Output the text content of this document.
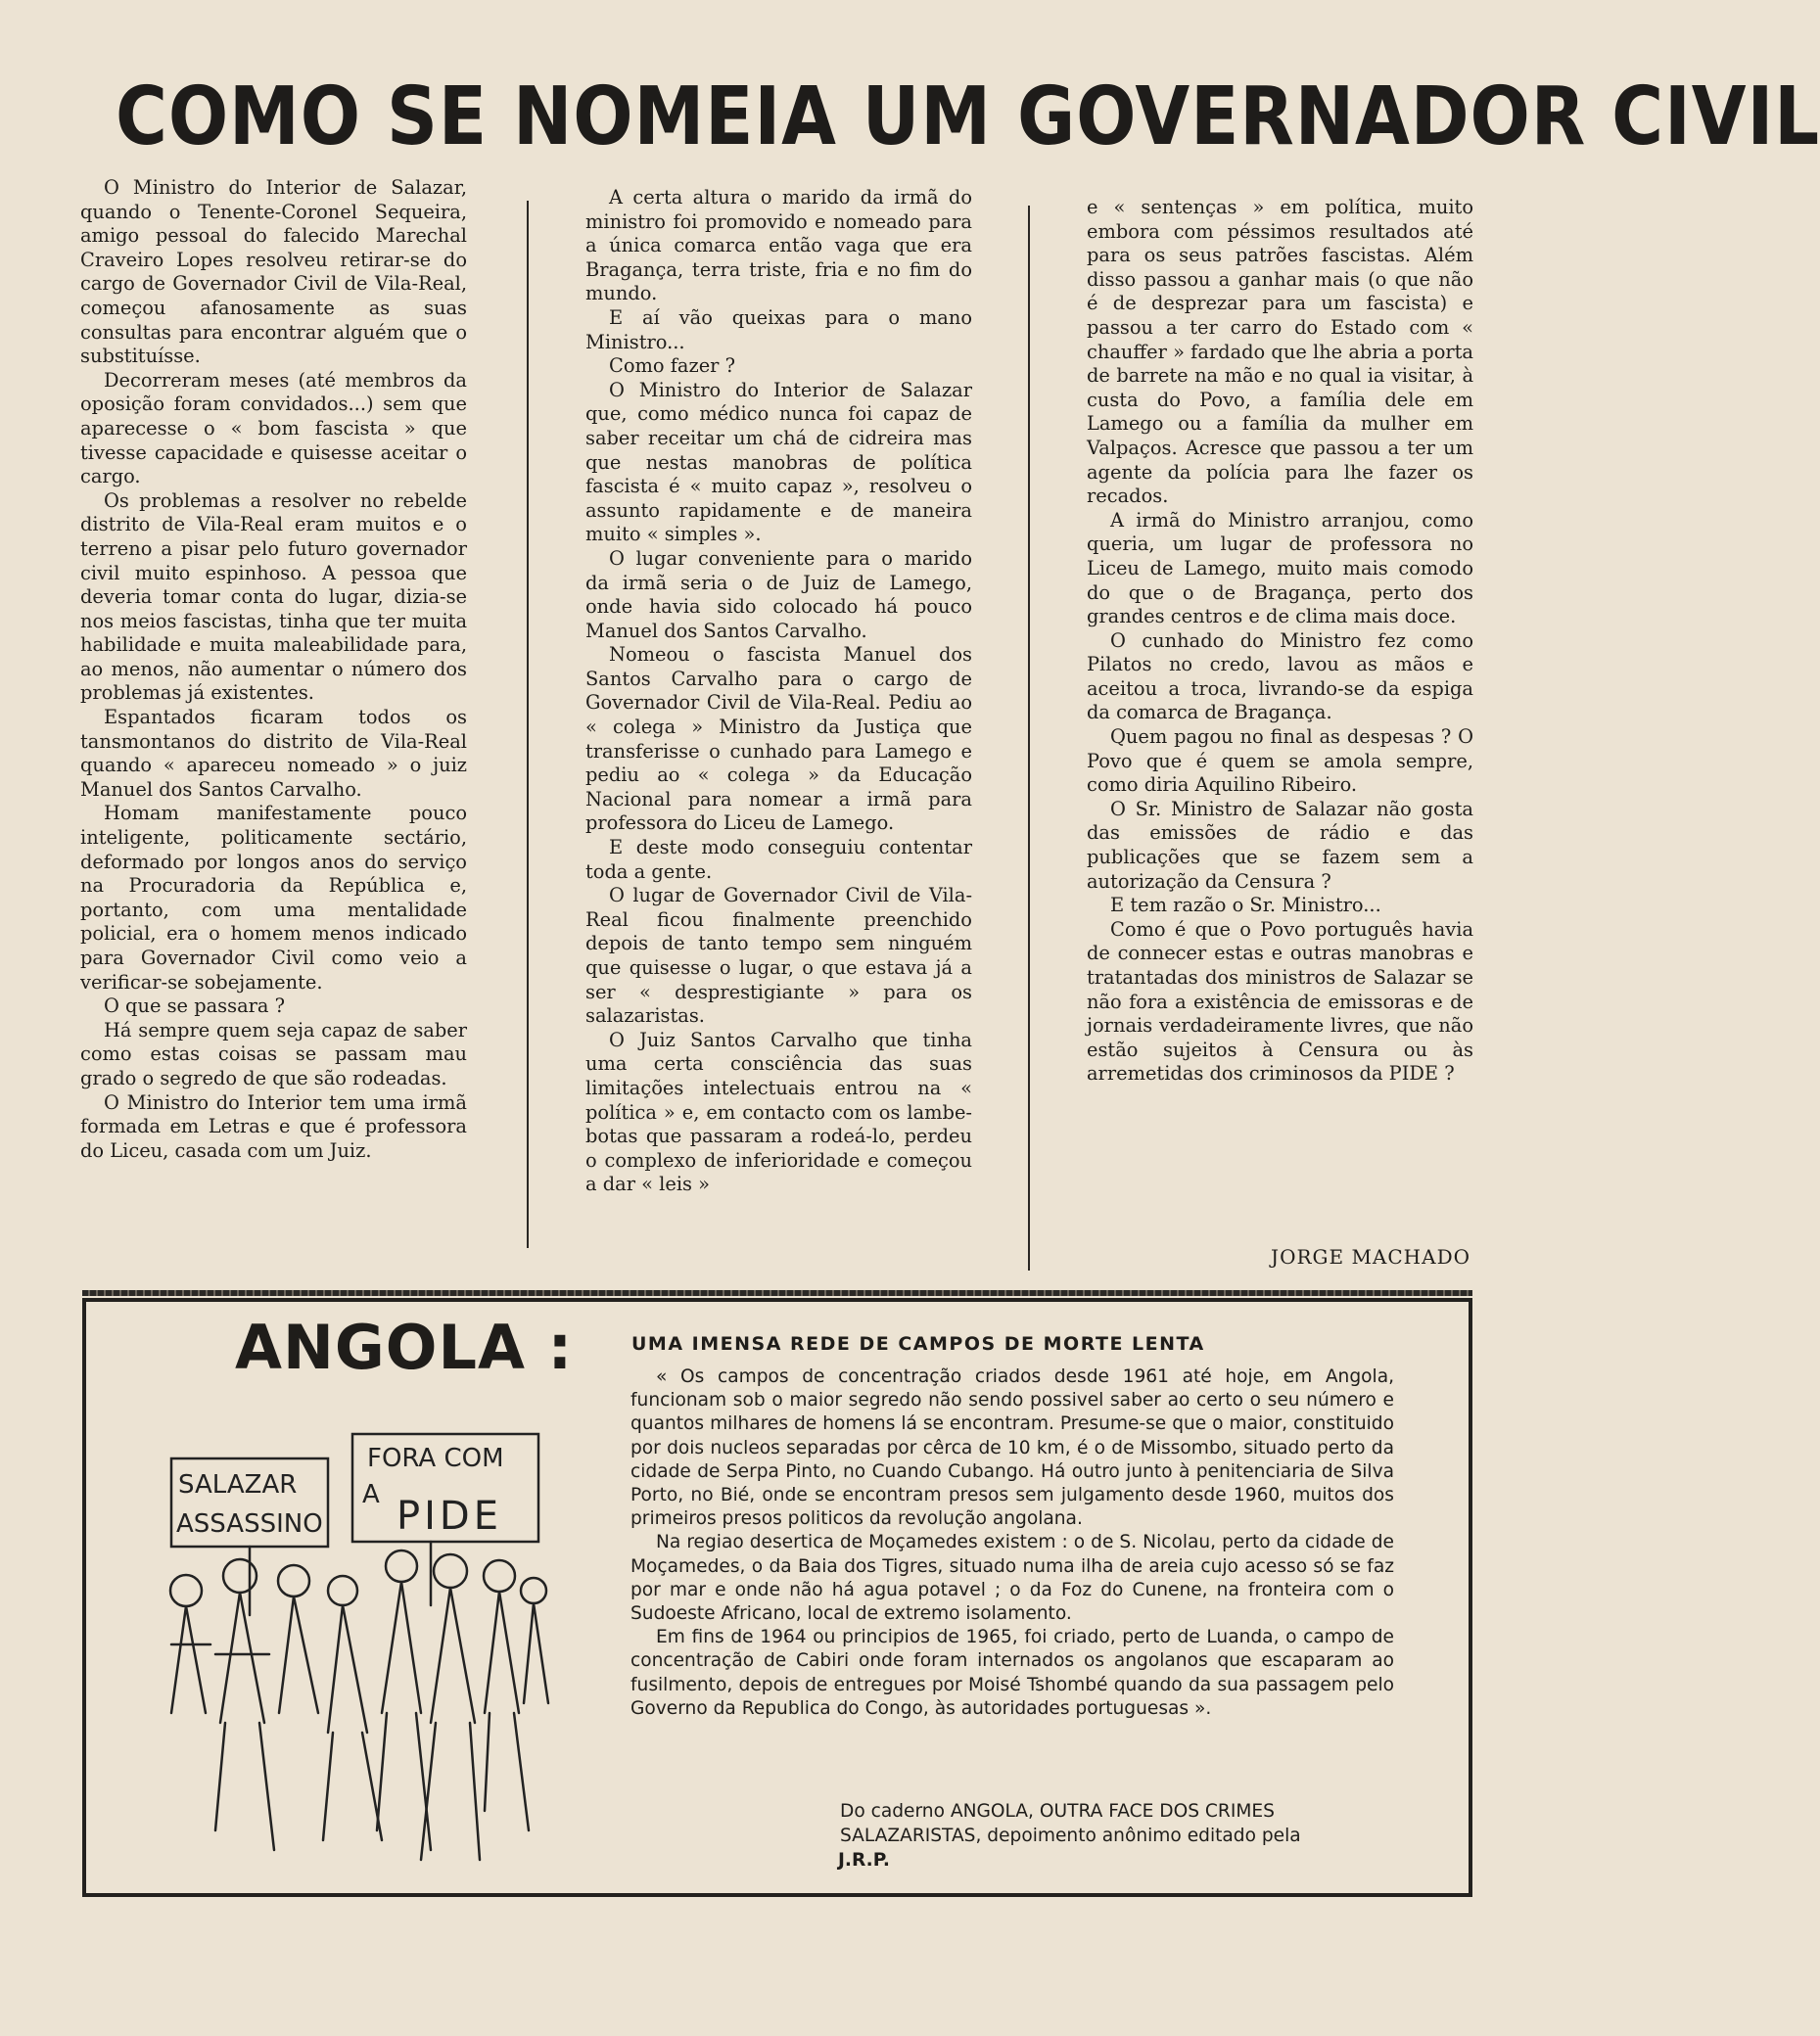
COMO SE NOMEIA UM GOVERNADOR CIVIL

O Ministro do Interior de Salazar, quando o Tenente-Coronel Sequeira, amigo pessoal do falecido Marechal Craveiro Lopes resolveu retirar-se do cargo de Governador Civil de Vila-Real, começou afanosamente as suas consultas para encontrar alguém que o substituísse.

Decorreram meses (até membros da oposição foram convidados...) sem que aparecesse o « bom fascista » que tivesse capacidade e quisesse aceitar o cargo.

Os problemas a resolver no rebelde distrito de Vila-Real eram muitos e o terreno a pisar pelo futuro governador civil muito espinhoso. A pessoa que deveria tomar conta do lugar, dizia-se nos meios fascistas, tinha que ter muita habilidade e muita maleabilidade para, ao menos, não aumentar o número dos problemas já existentes.

Espantados ficaram todos os tansmontanos do distrito de Vila-Real quando « apareceu nomeado » o juiz Manuel dos Santos Carvalho.

Homam manifestamente pouco inteligente, politicamente sectário, deformado por longos anos do serviço na Procuradoria da República e, portanto, com uma mentalidade policial, era o homem menos indicado para Governador Civil como veio a verificar-se sobejamente.

O que se passara ?

Há sempre quem seja capaz de saber como estas coisas se passam mau grado o segredo de que são rodeadas.

O Ministro do Interior tem uma irmã formada em Letras e que é professora do Liceu, casada com um Juiz.

A certa altura o marido da irmã do ministro foi promovido e nomeado para a única comarca então vaga que era Bragança, terra triste, fria e no fim do mundo.

E aí vão queixas para o mano Ministro...

Como fazer ?

O Ministro do Interior de Salazar que, como médico nunca foi capaz de saber receitar um chá de cidreira mas que nestas manobras de política fascista é « muito capaz », resolveu o assunto rapidamente e de maneira muito « simples ».

O lugar conveniente para o marido da irmã seria o de Juiz de Lamego, onde havia sido colocado há pouco Manuel dos Santos Carvalho.

Nomeou o fascista Manuel dos Santos Carvalho para o cargo de Governador Civil de Vila-Real. Pediu ao « colega » Ministro da Justiça que transferisse o cunhado para Lamego e pediu ao « colega » da Educação Nacional para nomear a irmã para professora do Liceu de Lamego.

E deste modo conseguiu contentar toda a gente.

O lugar de Governador Civil de Vila-Real ficou finalmente preenchido depois de tanto tempo sem ninguém que quisesse o lugar, o que estava já a ser « desprestigiante » para os salazaristas.

O Juiz Santos Carvalho que tinha uma certa consciência das suas limitações intelectuais entrou na « política » e, em contacto com os lambe-botas que passaram a rodeá-lo, perdeu o complexo de inferioridade e começou a dar « leis »

e « sentenças » em política, muito embora com péssimos resultados até para os seus patrões fascistas. Além disso passou a ganhar mais (o que não é de desprezar para um fascista) e passou a ter carro do Estado com « chauffer » fardado que lhe abria a porta de barrete na mão e no qual ia visitar, à custa do Povo, a família dele em Lamego ou a família da mulher em Valpaços. Acresce que passou a ter um agente da polícia para lhe fazer os recados.

A irmã do Ministro arranjou, como queria, um lugar de professora no Liceu de Lamego, muito mais comodo do que o de Bragança, perto dos grandes centros e de clima mais doce.

O cunhado do Ministro fez como Pilatos no credo, lavou as mãos e aceitou a troca, livrando-se da espiga da comarca de Bragança.

Quem pagou no final as despesas ? O Povo que é quem se amola sempre, como diria Aquilino Ribeiro.

O Sr. Ministro de Salazar não gosta das emissões de rádio e das publicações que se fazem sem a autorização da Censura ?

E tem razão o Sr. Ministro...

Como é que o Povo português havia de connecer estas e outras manobras e tratantadas dos ministros de Salazar se não fora a existência de emissoras e de jornais verdadeiramente livres, que não estão sujeitos à Censura ou às arremetidas dos criminosos da PIDE ?

JORGE MACHADO
ANGOLA :	UMA IMENSA REDE DE CAMPOS DE MORTE LENTA

« Os campos de concentração criados desde 1961 até hoje, em Angola, funcionam sob o maior segredo não sendo possivel saber ao certo o seu número e quantos milhares de homens lá se encontram. Presume-se que o maior, constituido por dois nucleos separadas por cêrca de 10 km, é o de Missombo, situado perto da cidade de Serpa Pinto, no Cuando Cubango. Há outro junto à penitenciaria de Silva Porto, no Bié, onde se encontram presos sem julgamento desde 1960, muitos dos primeiros presos politicos da revolução angolana.

Na regiao desertica de Moçamedes existem : o de S. Nicolau, perto da cidade de Moçamedes, o da Baia dos Tigres, situado numa ilha de areia cujo acesso só se faz por mar e onde não há agua potavel ; o da Foz do Cunene, na fronteira com o Sudoeste Africano, local de extremo isolamento.

Em fins de 1964 ou principios de 1965, foi criado, perto de Luanda, o campo de concentração de Cabiri onde foram internados os angolanos que escaparam ao fusilmento, depois de entregues por Moisé Tshombé quando da sua passagem pelo Governo da Republica do Congo, às autoridades portuguesas ».

Do caderno ANGOLA, OUTRA FACE DOS CRIMES
SALAZARISTAS, depoimento anônimo editado pela
J.R.P.
SALAZAR
ASSASSINO
FORA COM
A PIDE
